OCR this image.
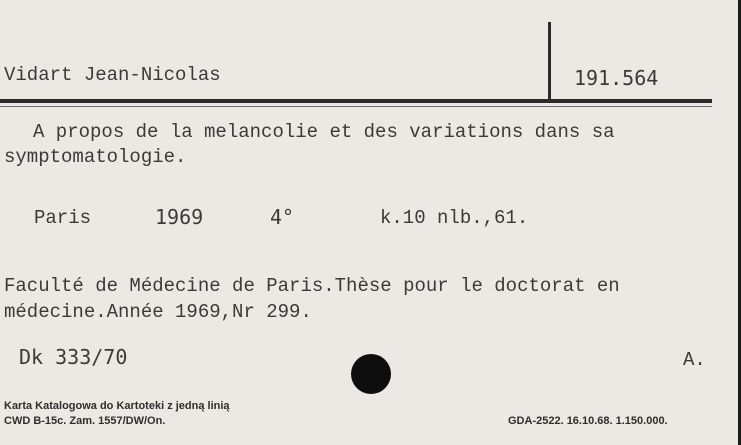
Vidart Jean-Nicolas	191.564
A propos de la melancolie et des variations dans sa
symptomatologie.
Paris	1969	4°	k.10 nlb.,61.
Faculté de Médecine de Paris.Thèse pour le doctorat en
médecine.Année 1969,Nr 299.
Dk 333/70	A.
Karta Katalogowa do Kartoteki z jedną linią
CWD B-15c. Zam. 1557/DW/On.	GDA-2522. 16.10.68. 1.150.000.
